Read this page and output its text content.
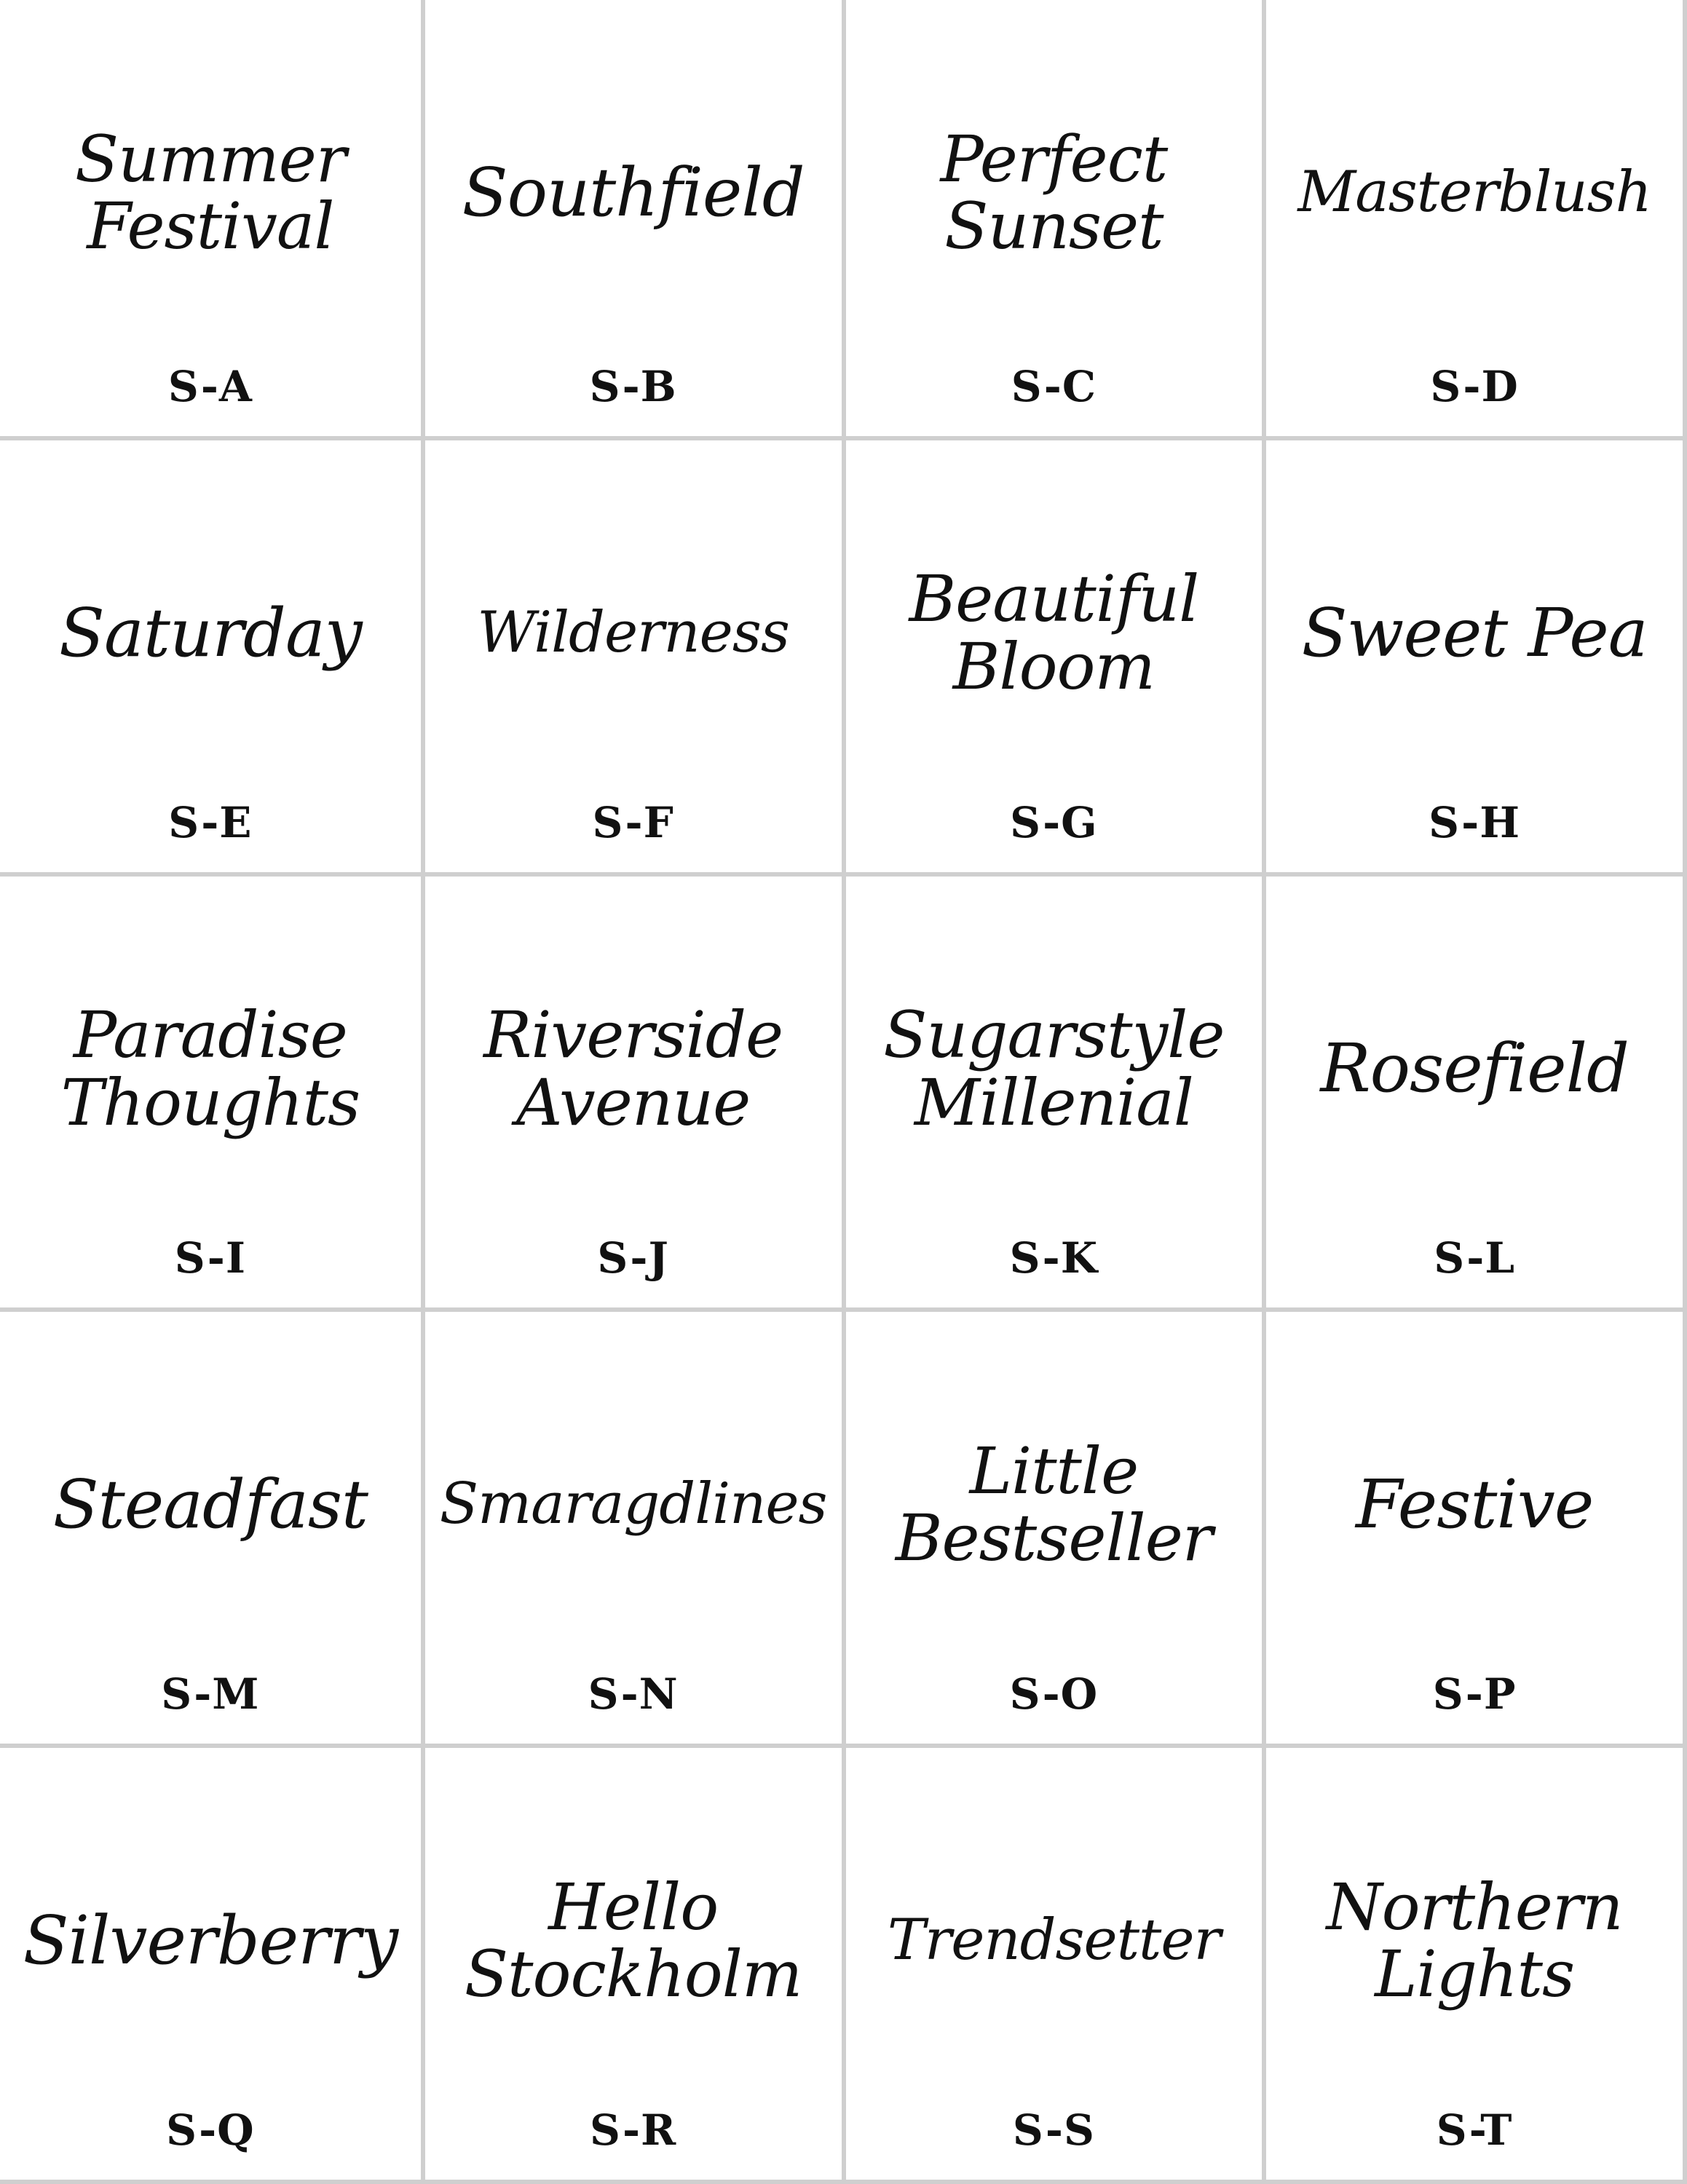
Summer
Festival
S-A
Southfield
S-B
Perfect
Sunset
S-C
Masterblush
S-D
Saturday
S-E
Wilderness
S-F
Beautiful
Bloom
S-G
Sweet Pea
S-H
Paradise
Thoughts
S-I
Riverside
Avenue
S-J
Sugarstyle
Millenial
S-K
Rosefield
S-L
Steadfast
S-M
Smaragdlines
S-N
Little
Bestseller
S-O
Festive
S-P
Silverberry
S-Q
Hello
Stockholm
S-R
Trendsetter
S-S
Northern
Lights
S-T
